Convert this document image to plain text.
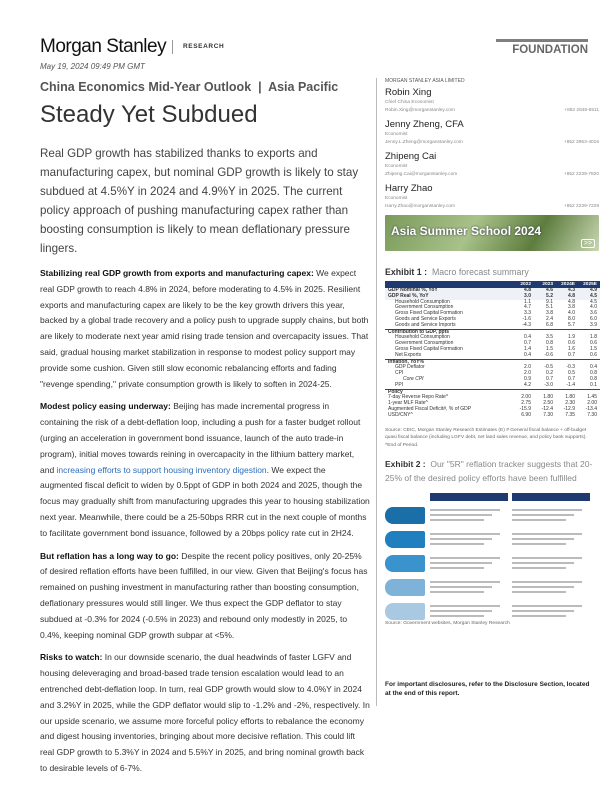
Morgan Stanley	RESEARCH	FOUNDATION
May 19, 2024 09:49 PM GMT
China Economics Mid-Year Outlook  |  Asia Pacific
Steady Yet Subdued
Real GDP growth has stabilized thanks to exports and manufacturing capex, but nominal GDP growth is likely to stay subdued at 4.5%Y in 2024 and 4.9%Y in 2025. The current policy approach of pushing manufacturing capex rather than boosting consumption is likely to mean deflationary pressure lingers.

Stabilizing real GDP growth from exports and manufacturing capex: We expect real GDP growth to reach 4.8% in 2024, before moderating to 4.5% in 2025. Resilient exports and manufacturing capex are likely to be the key growth drivers this year, backed by a global trade recovery and a policy push to upgrade supply chains, but both are likely to moderate next year amid rising trade tension and overcapacity issues. That said, gradual housing market stabilization in response to modest policy support may provide some cushion. Given still slow economic rebalancing efforts and fading "revenge spending," private consumption growth is likely to soften in 2024-25.

Modest policy easing underway: Beijing has made incremental progress in containing the risk of a debt-deflation loop, including a push for a faster budget rollout (urging an acceleration in government bond issuance, launch of the auto trade-in program), initial moves towards reining in overcapacity in the lithium battery market, and increasing efforts to support housing inventory digestion. We expect the augmented fiscal deficit to widen by 0.5ppt of GDP in both 2024 and 2025, though the focus may gradually shift from manufacturing upgrades this year to housing stabilization next year. Meanwhile, there could be a 25-50bps RRR cut in the next couple of months to facilitate government bond issuance, followed by a 20bps policy rate cut in 2H24.

But reflation has a long way to go: Despite the recent policy positives, only 20-25% of desired reflation efforts have been fulfilled, in our view. Given that Beijing's focus has remained on pushing investment in manufacturing rather than boosting consumption, deflationary pressures would still linger. We thus expect the GDP deflator to stay subdued at -0.3% for 2024 (-0.5% in 2023) and rebound only modestly in 2025, to 0.4%, keeping nominal GDP growth subpar at <5%.

Risks to watch: In our downside scenario, the dual headwinds of faster LGFV and housing deleveraging and broad-based trade tension escalation would lead to an entrenched debt-deflation loop. In turn, real GDP growth would slow to 4.0%Y in 2024 and 3.2%Y in 2025, while the GDP deflator would slip to -1.2% and -2%, respectively. In our upside scenario, we assume more forceful policy efforts to rebalance the economy and digest housing inventories, bringing about more decisive reflation. This could lift real GDP growth to 5.3%Y in 2024 and 5.5%Y in 2025, and bring nominal growth back to desirable levels of 6-7%.

MORGAN STANLEY ASIA LIMITED
Robin Xing
Chief China Economist
Robin.Xing@morganstanley.com	+852 2848-6511
Jenny Zheng, CFA
Economist
Jenny.L.Zheng@morganstanley.com	+852 3963-4015
Zhipeng Cai
Economist
Zhipeng.Cai@morganstanley.com	+852 2239-7820
Harry Zhao
Economist
Harry.Zhao@morganstanley.com	+852 2239-7229
Asia Summer School 2024
>>
Exhibit 1 : Macro forecast summary
	2022	2023	2024E	2025E
GDP Nominal %, YoY	4.8	4.6	4.3	4.9
GDP Real %, YoY	3.0	5.2	4.8	4.5
Household Consumption	1.1	9.1	4.8	4.5
Government Consumption	4.7	5.1	3.8	4.0
Gross Fixed Capital Formation	3.3	3.8	4.0	3.6
Goods and Service Exports	-1.6	2.4	8.0	6.0
Goods and Service Imports	-4.3	6.8	5.7	3.9
Contribution to GDP, ppts				
Household Consumption	0.4	3.5	1.9	1.8
Government Consumption	0.7	0.8	0.6	0.6
Gross Fixed Capital Formation	1.4	1.5	1.6	1.5
Net Exports	0.4	-0.6	0.7	0.6
Inflation, YoY%				
GDP Deflator	2.0	-0.5	-0.3	0.4
CPI	2.0	0.2	0.5	0.8
Core CPI	0.9	0.7	0.7	0.8
PPI	4.2	-3.0	-1.4	0.1
Policy				
7-day Reverse Repo Rate^	2.00	1.80	1.80	1.45
1-year MLF Rate^	2.75	2.50	2.30	2.00
Augmented Fiscal Deficit#, % of GDP	-15.9	-12.4	-12.9	-13.4
USD/CNY^	6.90	7.30	7.35	7.30
Source: CEIC, Morgan Stanley Research Estimates (E) # General fiscal balance + off-budget quasi fiscal balance (including LGFV debt, net land sales revenue, and policy bank supports). ^End of Period.
Exhibit 2 : Our "5R" reflation tracker suggests that 20-25% of the desired policy efforts have been fulfilled
Source: Government websites, Morgan Stanley Research
For important disclosures, refer to the Disclosure Section, located at the end of this report.
